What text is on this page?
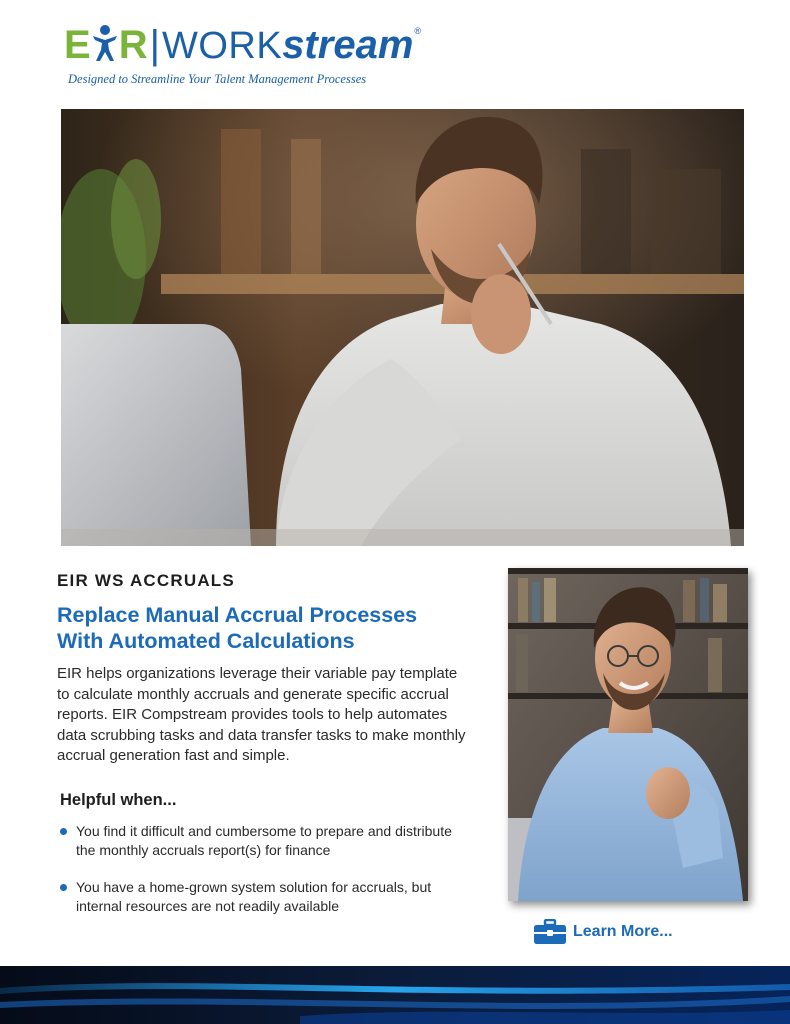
E R | WORK stream ®
Designed to Streamline Your Talent Management Processes
EIR WS ACCRUALS
Replace Manual Accrual Processes
With Automated Calculations
EIR helps organizations leverage their variable pay template
to calculate monthly accruals and generate specific accrual
reports. EIR Compstream provides tools to help automates
data scrubbing tasks and data transfer tasks to make monthly
accrual generation fast and simple.
Helpful when...
You find it difficult and cumbersome to prepare and distribute
the monthly accruals report(s) for finance
You have a home-grown system solution for accruals, but
internal resources are not readily available
Learn More...
